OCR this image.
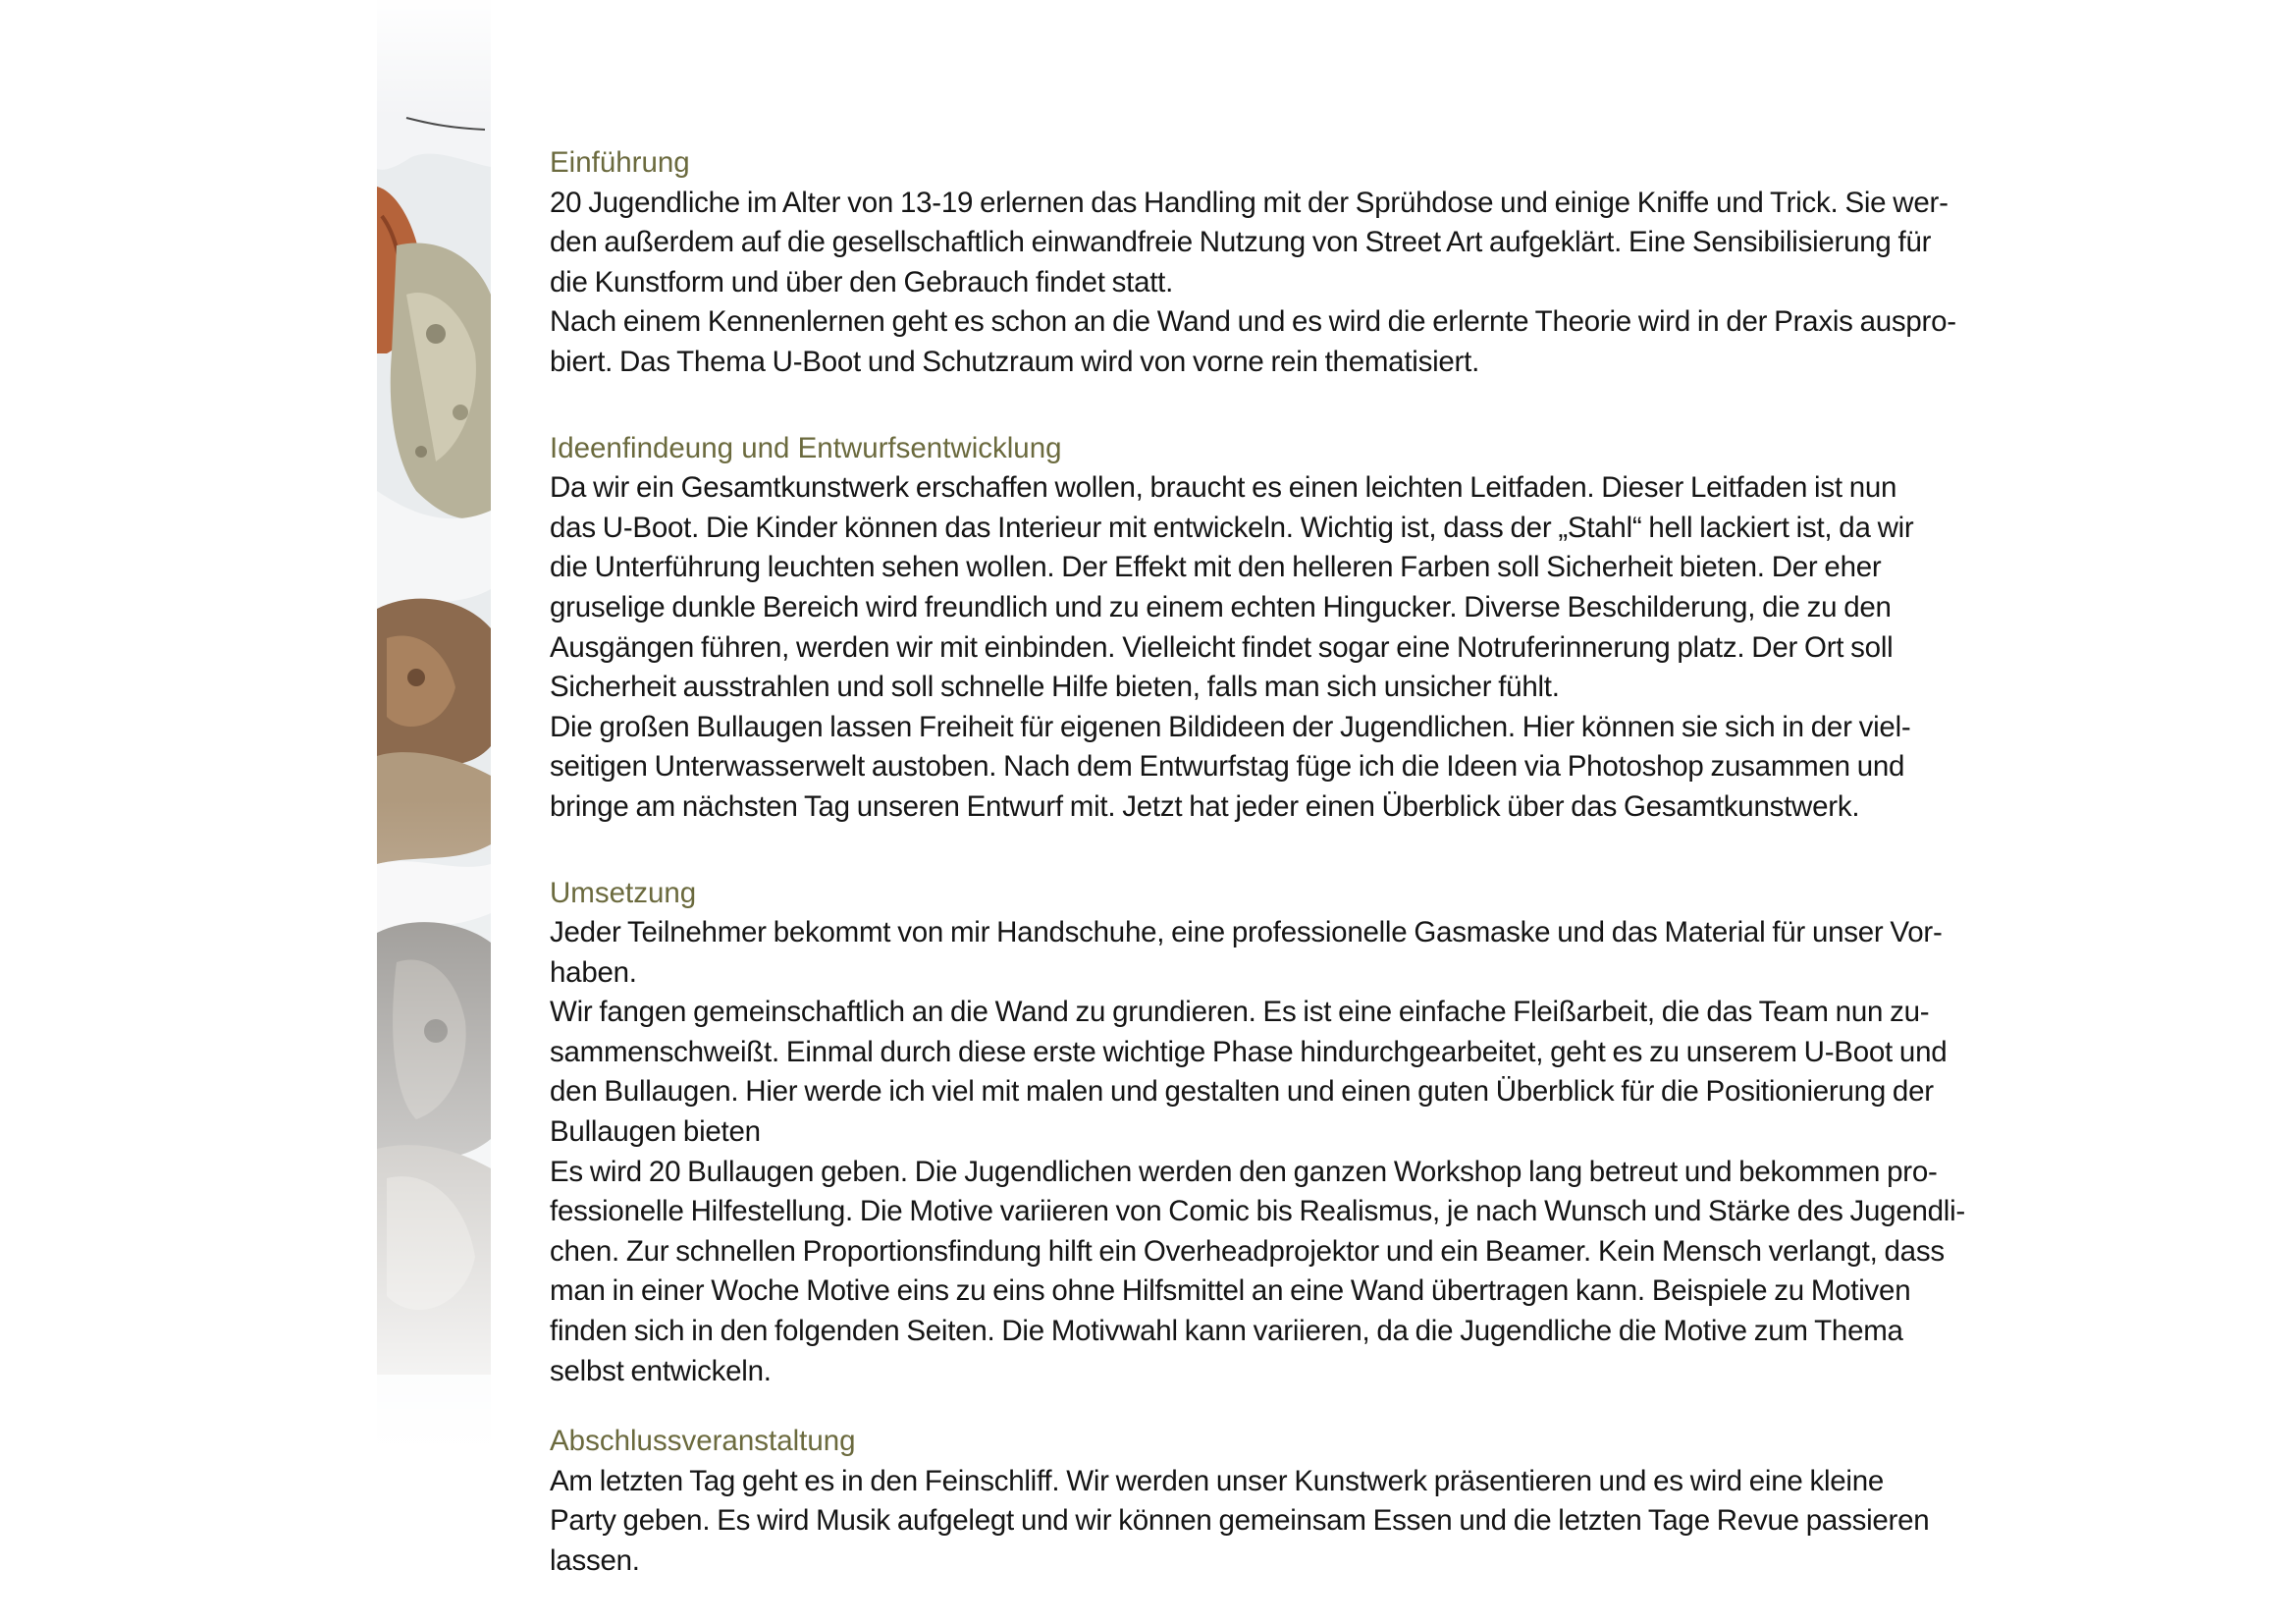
Einführung

20 Jugendliche im Alter von 13-19 erlernen das Handling mit der Sprühdose und einige Kniffe und Trick. Sie wer-
den außerdem auf die gesellschaftlich einwandfreie Nutzung von Street Art aufgeklärt. Eine Sensibilisierung für
die Kunstform und über den Gebrauch findet statt.

Nach einem Kennenlernen geht es schon an die Wand und es wird die erlernte Theorie wird in der Praxis auspro-
biert. Das Thema U-Boot und Schutzraum wird von vorne rein thematisiert.

Ideenfindeung und Entwurfsentwicklung

Da wir ein Gesamtkunstwerk erschaffen wollen, braucht es einen leichten Leitfaden. Dieser Leitfaden ist nun
das U-Boot. Die Kinder können das Interieur mit entwickeln. Wichtig ist, dass der „Stahl“ hell lackiert ist, da wir
die Unterführung leuchten sehen wollen. Der Effekt mit den helleren Farben soll Sicherheit bieten. Der eher
gruselige dunkle Bereich wird freundlich und zu einem echten Hingucker. Diverse Beschilderung, die zu den
Ausgängen führen, werden wir mit einbinden. Vielleicht findet sogar eine Notruferinnerung platz. Der Ort soll
Sicherheit ausstrahlen und soll schnelle Hilfe bieten, falls man sich unsicher fühlt.

Die großen Bullaugen lassen Freiheit für eigenen Bildideen der Jugendlichen. Hier können sie sich in der viel-
seitigen Unterwasserwelt austoben. Nach dem Entwurfstag füge ich die Ideen via Photoshop zusammen und
bringe am nächsten Tag unseren Entwurf mit. Jetzt hat jeder einen Überblick über das Gesamtkunstwerk.

Umsetzung

Jeder Teilnehmer bekommt von mir Handschuhe, eine professionelle Gasmaske und das Material für unser Vor-
haben.

Wir fangen gemeinschaftlich an die Wand zu grundieren. Es ist eine einfache Fleißarbeit, die das Team nun zu-
sammenschweißt. Einmal durch diese erste wichtige Phase hindurchgearbeitet, geht es zu unserem U-Boot und
den Bullaugen. Hier werde ich viel mit malen und gestalten und einen guten Überblick für die Positionierung der
Bullaugen bieten

Es wird 20 Bullaugen geben. Die Jugendlichen werden den ganzen Workshop lang betreut und bekommen pro-
fessionelle Hilfestellung. Die Motive variieren von Comic bis Realismus, je nach Wunsch und Stärke des Jugendli-
chen. Zur schnellen Proportionsfindung hilft ein Overheadprojektor und ein Beamer. Kein Mensch verlangt, dass
man in einer Woche Motive eins zu eins ohne Hilfsmittel an eine Wand übertragen kann. Beispiele zu Motiven
finden sich in den folgenden Seiten. Die Motivwahl kann variieren, da die Jugendliche die Motive zum Thema
selbst entwickeln.

Abschlussveranstaltung

Am letzten Tag geht es in den Feinschliff. Wir werden unser Kunstwerk präsentieren und es wird eine kleine
Party geben. Es wird Musik aufgelegt und wir können gemeinsam Essen und die letzten Tage Revue passieren
lassen.
